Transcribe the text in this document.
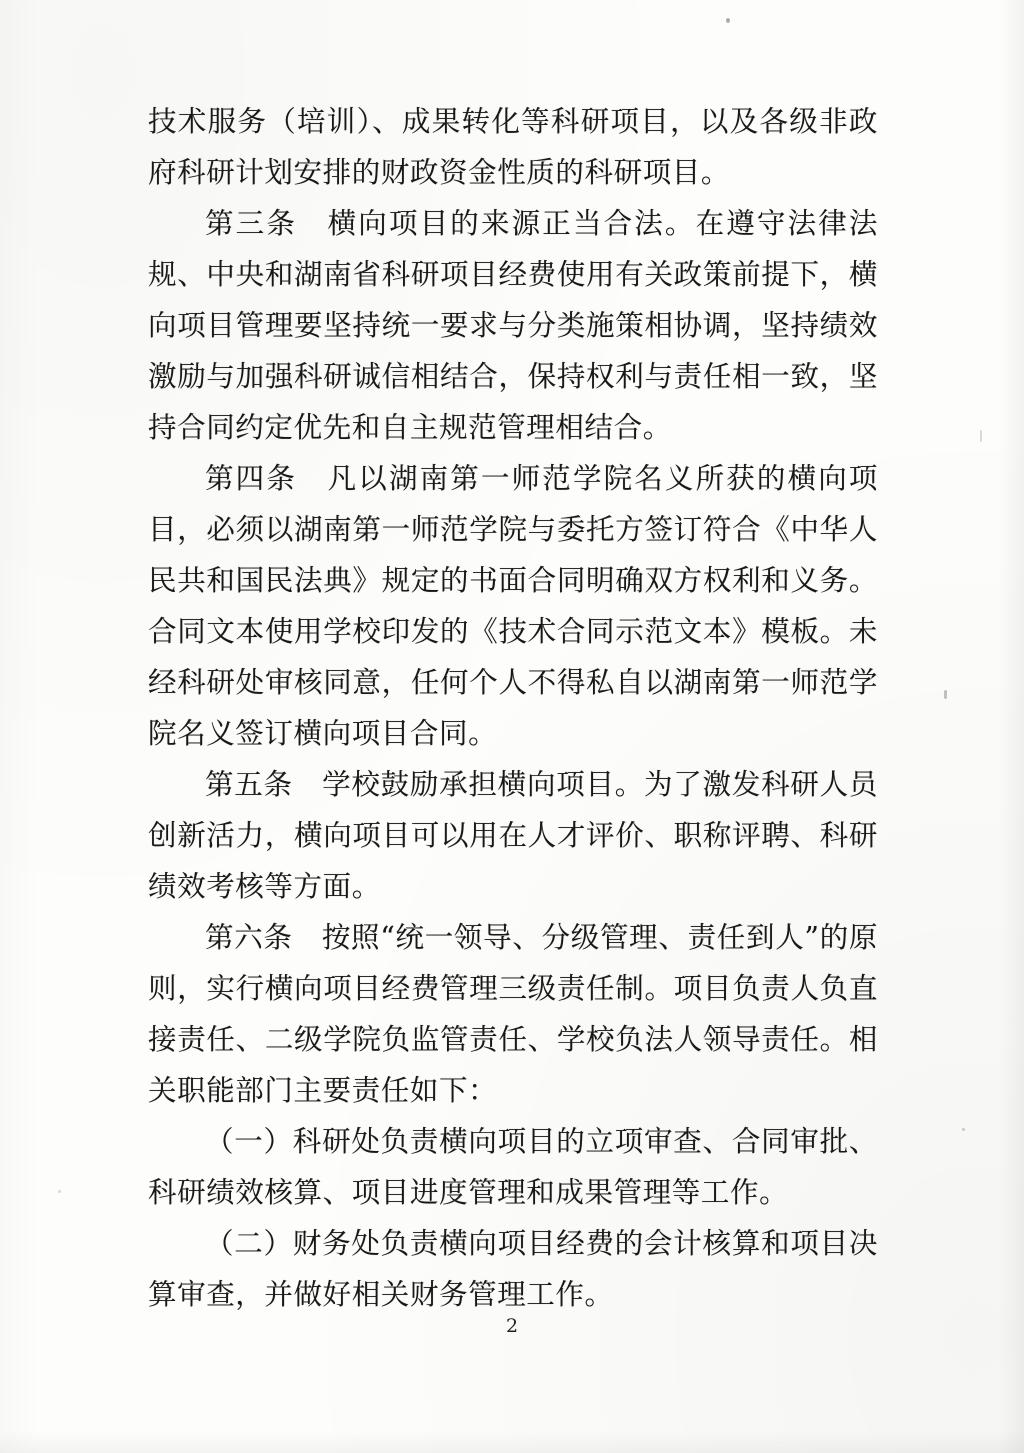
技术服务（培训）、成果转化等科研项目，以及各级非政府科研计划安排的财政资金性质的科研项目。

第三条　横向项目的来源正当合法。在遵守法律法规、中央和湖南省科研项目经费使用有关政策前提下，横向项目管理要坚持统一要求与分类施策相协调，坚持绩效激励与加强科研诚信相结合，保持权利与责任相一致，坚持合同约定优先和自主规范管理相结合。

第四条　凡以湖南第一师范学院名义所获的横向项目，必须以湖南第一师范学院与委托方签订符合《中华人民共和国民法典》规定的书面合同明确双方权利和义务。合同文本使用学校印发的《技术合同示范文本》模板。未经科研处审核同意，任何个人不得私自以湖南第一师范学院名义签订横向项目合同。

第五条　学校鼓励承担横向项目。为了激发科研人员创新活力，横向项目可以用在人才评价、职称评聘、科研绩效考核等方面。

第六条　按照“统一领导、分级管理、责任到人”的原则，实行横向项目经费管理三级责任制。项目负责人负直接责任、二级学院负监管责任、学校负法人领导责任。相关职能部门主要责任如下：

（一）科研处负责横向项目的立项审查、合同审批、科研绩效核算、项目进度管理和成果管理等工作。

（二）财务处负责横向项目经费的会计核算和项目决算审查，并做好相关财务管理工作。

2
